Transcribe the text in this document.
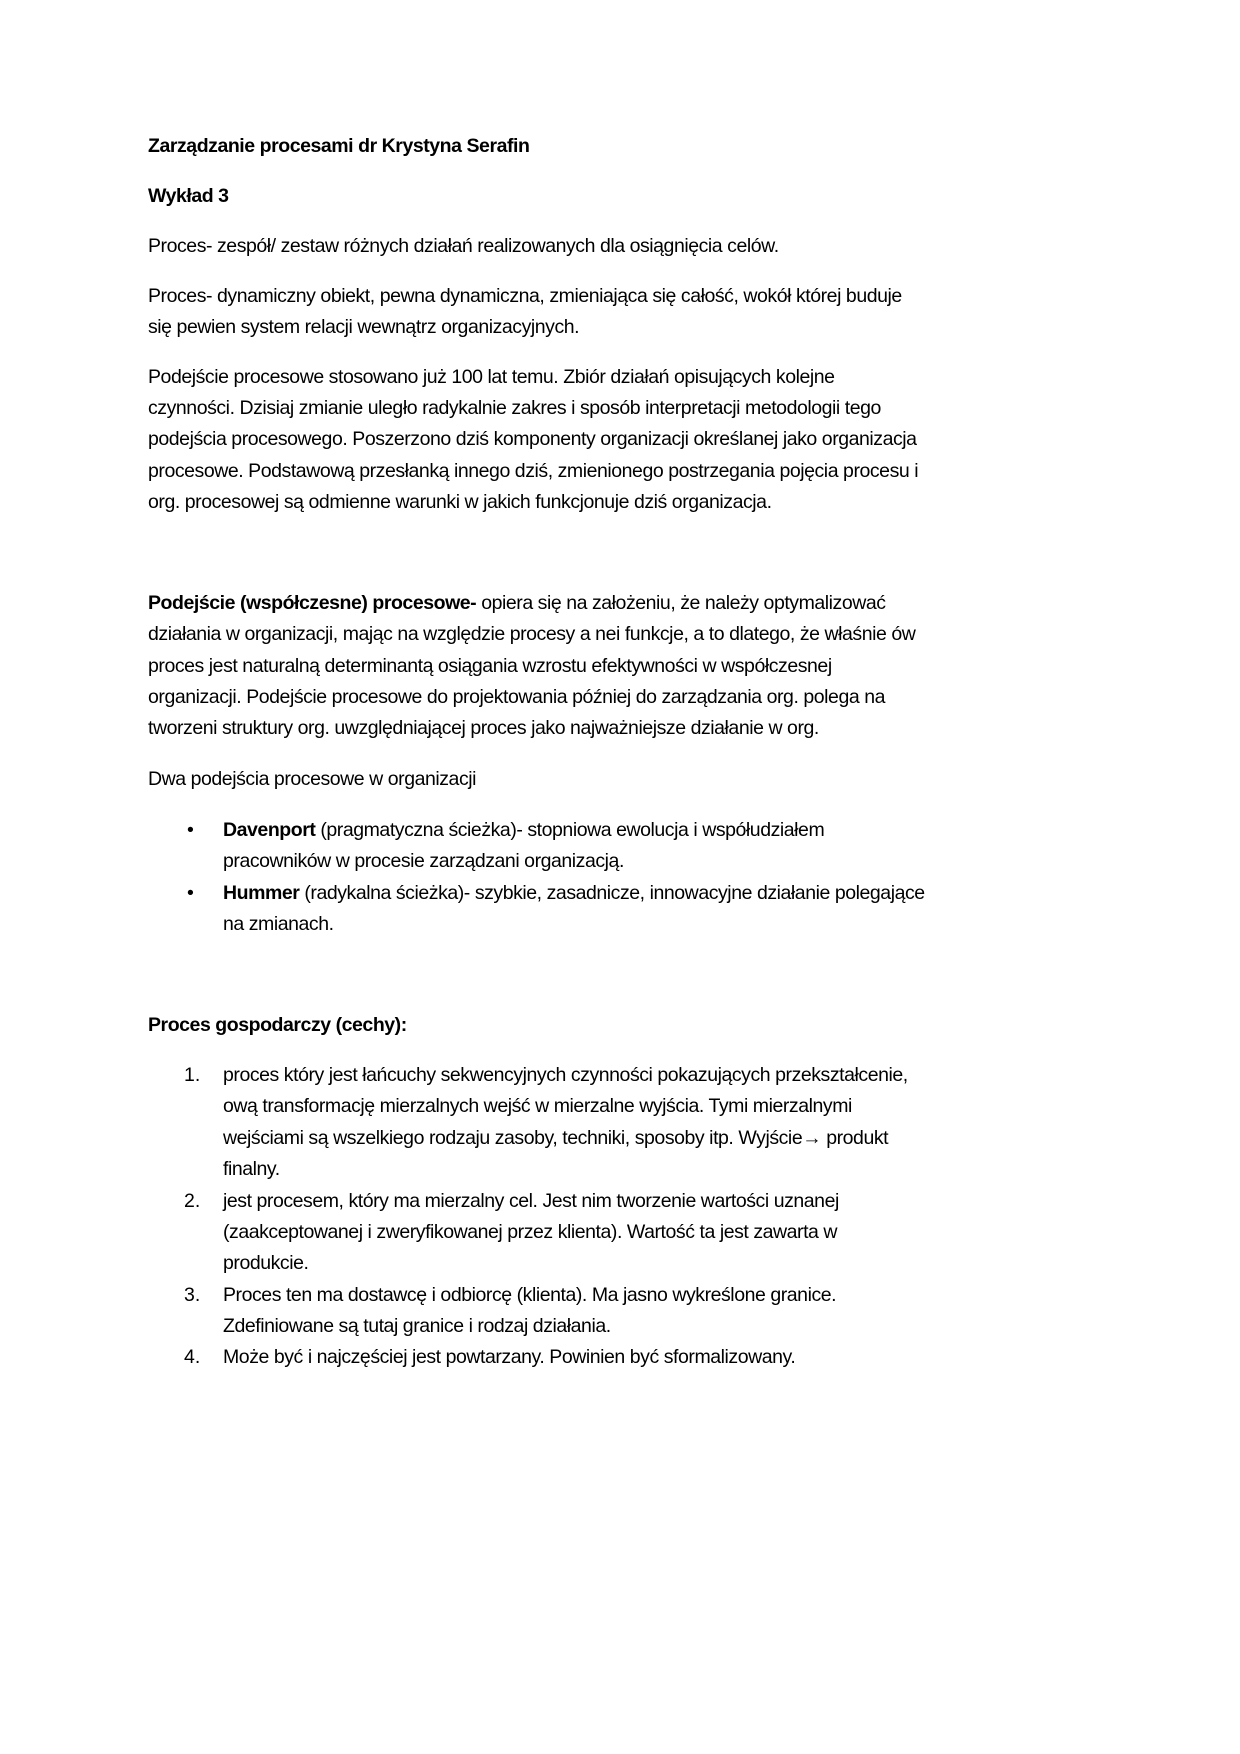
Zarządzanie procesami dr Krystyna Serafin
Wykład 3
Proces- zespół/ zestaw różnych działań realizowanych dla osiągnięcia celów.
Proces- dynamiczny obiekt, pewna dynamiczna, zmieniająca się całość, wokół której buduje
się pewien system relacji wewnątrz organizacyjnych.
Podejście procesowe stosowano już 100 lat temu. Zbiór działań opisujących kolejne
czynności. Dzisiaj zmianie uległo radykalnie zakres i sposób interpretacji metodologii tego
podejścia procesowego. Poszerzono dziś komponenty organizacji określanej jako organizacja
procesowe. Podstawową przesłanką innego dziś, zmienionego postrzegania pojęcia procesu i
org. procesowej są odmienne warunki w jakich funkcjonuje dziś organizacja.
Podejście (współczesne) procesowe- opiera się na założeniu, że należy optymalizować
działania w organizacji, mając na względzie procesy a nei funkcje, a to dlatego, że właśnie ów
proces jest naturalną determinantą osiągania wzrostu efektywności w współczesnej
organizacji. Podejście procesowe do projektowania później do zarządzania org. polega na
tworzeni struktury org. uwzględniającej proces jako najważniejsze działanie w org.
Dwa podejścia procesowe w organizacji
• Davenport (pragmatyczna ścieżka)- stopniowa ewolucja i współudziałem
pracowników w procesie zarządzani organizacją.
• Hummer (radykalna ścieżka)- szybkie, zasadnicze, innowacyjne działanie polegające
na zmianach.
Proces gospodarczy (cechy):
1. proces który jest łańcuchy sekwencyjnych czynności pokazujących przekształcenie,
ową transformację mierzalnych wejść w mierzalne wyjścia. Tymi mierzalnymi
wejściami są wszelkiego rodzaju zasoby, techniki, sposoby itp. Wyjście→ produkt
finalny.
2. jest procesem, który ma mierzalny cel. Jest nim tworzenie wartości uznanej
(zaakceptowanej i zweryfikowanej przez klienta). Wartość ta jest zawarta w
produkcie.
3. Proces ten ma dostawcę i odbiorcę (klienta). Ma jasno wykreślone granice.
Zdefiniowane są tutaj granice i rodzaj działania.
4. Może być i najczęściej jest powtarzany. Powinien być sformalizowany.
